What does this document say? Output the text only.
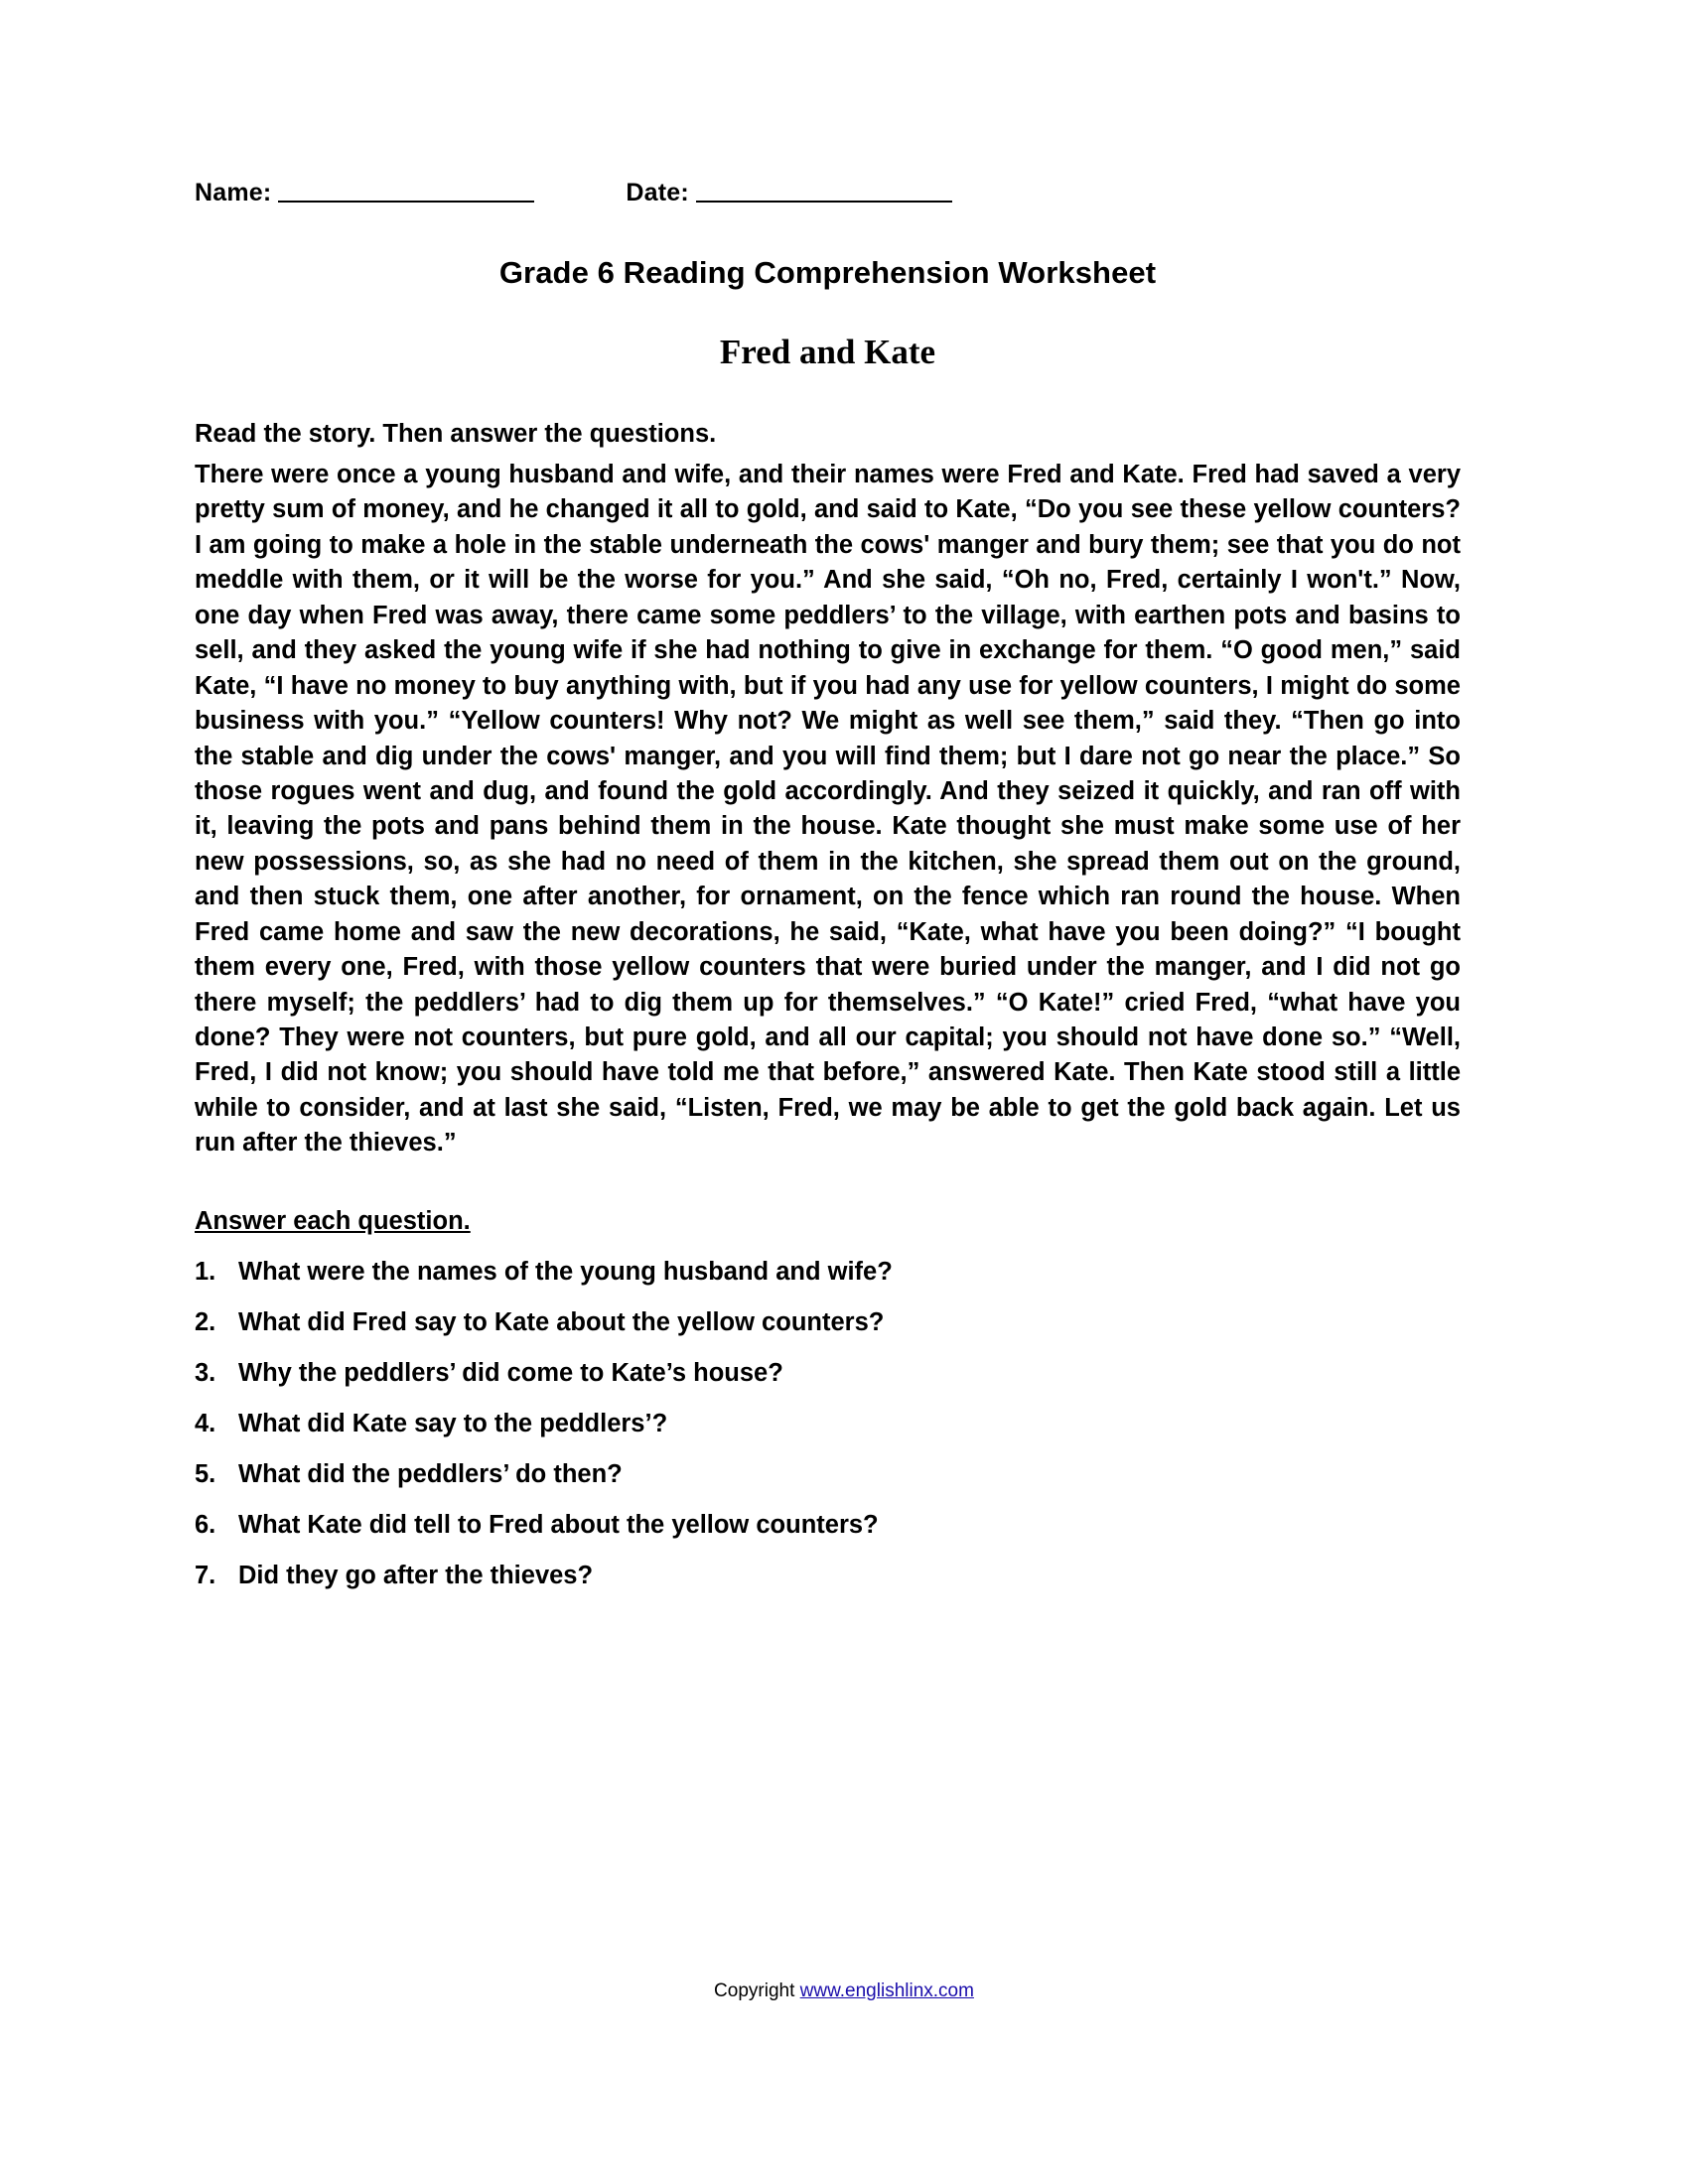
Name:	Date:
Grade 6 Reading Comprehension Worksheet
Fred and Kate
Read the story. Then answer the questions.
There were once a young husband and wife, and their names were Fred and Kate. Fred had saved a very pretty sum of money, and he changed it all to gold, and said to Kate, “Do you see these yellow counters? I am going to make a hole in the stable underneath the cows' manger and bury them; see that you do not meddle with them, or it will be the worse for you.” And she said, “Oh no, Fred, certainly I won't.” Now, one day when Fred was away, there came some peddlers’ to the village, with earthen pots and basins to sell, and they asked the young wife if she had nothing to give in exchange for them. “O good men,” said Kate, “I have no money to buy anything with, but if you had any use for yellow counters, I might do some business with you.” “Yellow counters! Why not? We might as well see them,” said they. “Then go into the stable and dig under the cows' manger, and you will find them; but I dare not go near the place.” So those rogues went and dug, and found the gold accordingly. And they seized it quickly, and ran off with it, leaving the pots and pans behind them in the house. Kate thought she must make some use of her new possessions, so, as she had no need of them in the kitchen, she spread them out on the ground, and then stuck them, one after another, for ornament, on the fence which ran round the house. When Fred came home and saw the new decorations, he said, “Kate, what have you been doing?” “I bought them every one, Fred, with those yellow counters that were buried under the manger, and I did not go there myself; the peddlers’ had to dig them up for themselves.” “O Kate!” cried Fred, “what have you done? They were not counters, but pure gold, and all our capital; you should not have done so.” “Well, Fred, I did not know; you should have told me that before,” answered Kate. Then Kate stood still a little while to consider, and at last she said, “Listen, Fred, we may be able to get the gold back again. Let us run after the thieves.”
Answer each question.
1. What were the names of the young husband and wife?
2. What did Fred say to Kate about the yellow counters?
3. Why the peddlers’ did come to Kate’s house?
4. What did Kate say to the peddlers’?
5. What did the peddlers’ do then?
6. What Kate did tell to Fred about the yellow counters?
7. Did they go after the thieves?
Copyright www.englishlinx.com
